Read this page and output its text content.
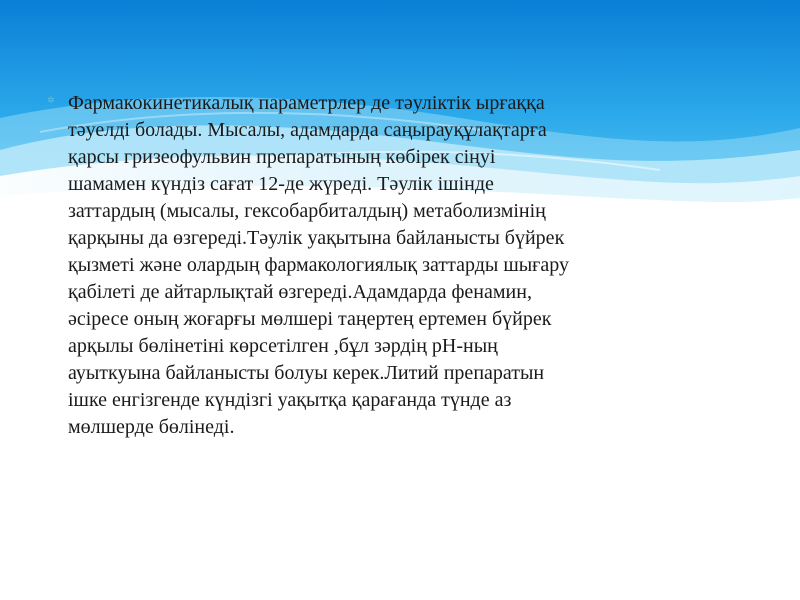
✲ Фармакокинетикалық параметрлер де тәуліктік ырғаққа
тәуелді болады. Мысалы, адамдарда саңырауқұлақтарға
қарсы гризеофульвин препаратының көбірек сіңуі
шамамен күндіз сағат 12-де жүреді. Тәулік ішінде
заттардың (мысалы, гексобарбиталдың) метаболизмінің
қарқыны да өзгереді.Тәулік уақытына байланысты бүйрек
қызметі және олардың фармакологиялық заттарды шығару
қабілеті де айтарлықтай өзгереді.Адамдарда фенамин,
әсіресе оның жоғарғы мөлшері таңертең ертемен бүйрек
арқылы бөлінетіні көрсетілген ,бұл зәрдің рН-ның
ауыткуына байланысты болуы керек.Литий препаратын
ішке енгізгенде күндізгі уақытқа қарағанда түнде аз
мөлшерде бөлінеді.
